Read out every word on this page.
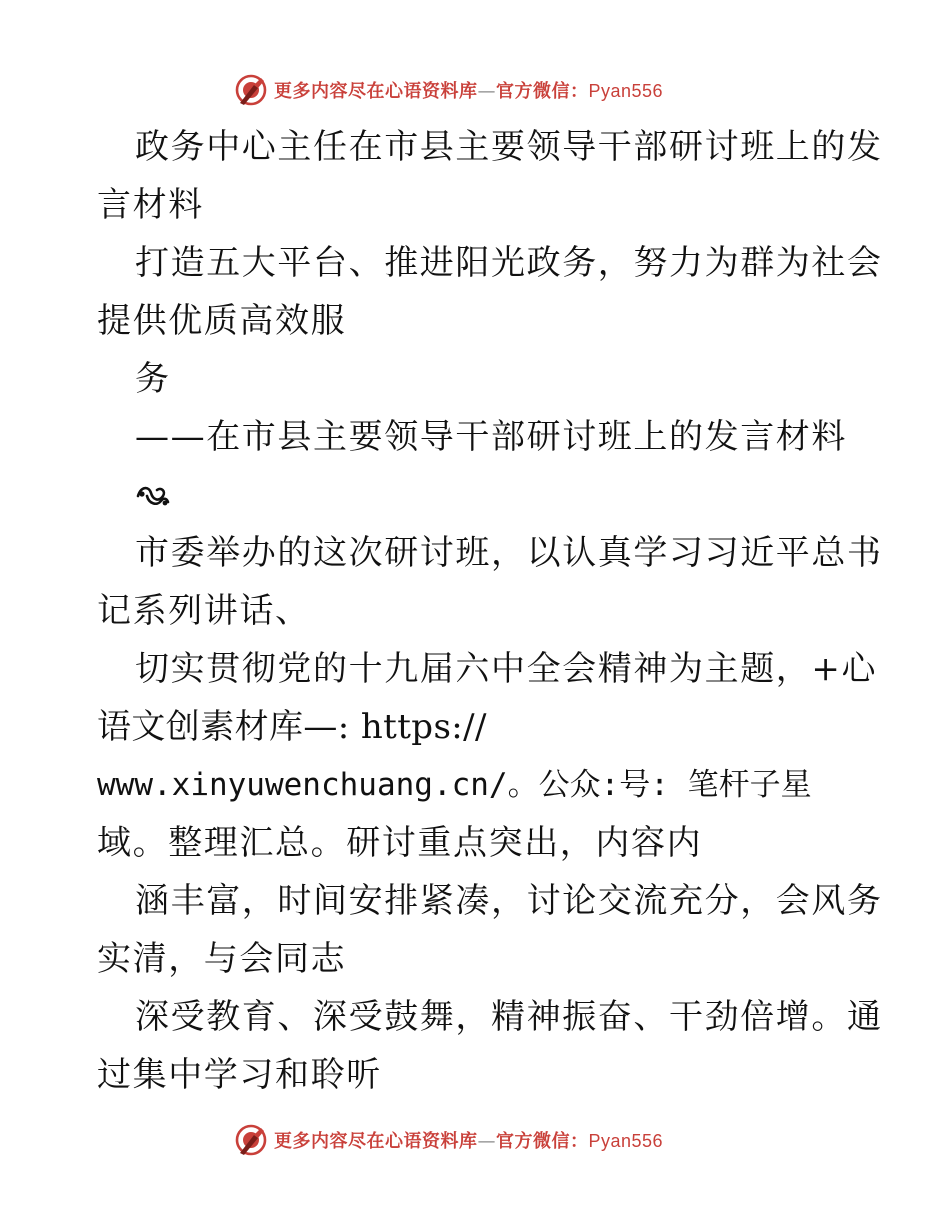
更多内容尽在心语资料库—官方微信：Pyan556
政务中心主任在市县主要领导干部研讨班上的发
言材料
打造五大平台、推进阳光政务，努力为群为社会
提供优质高效服
务
——在市县主要领导干部研讨班上的发言材料
市委举办的这次研讨班，以认真学习习近平总书
记系列讲话、
切实贯彻党的十九届六中全会精神为主题，+心
语文创素材库—: https://
www.xinyuwenchuang.cn/。公众:号: 笔杆子星
域。整理汇总。研讨重点突出，内容内
涵丰富，时间安排紧凑，讨论交流充分，会风务
实清，与会同志
深受教育、深受鼓舞，精神振奋、干劲倍增。通
过集中学习和聆听
更多内容尽在心语资料库—官方微信：Pyan556
